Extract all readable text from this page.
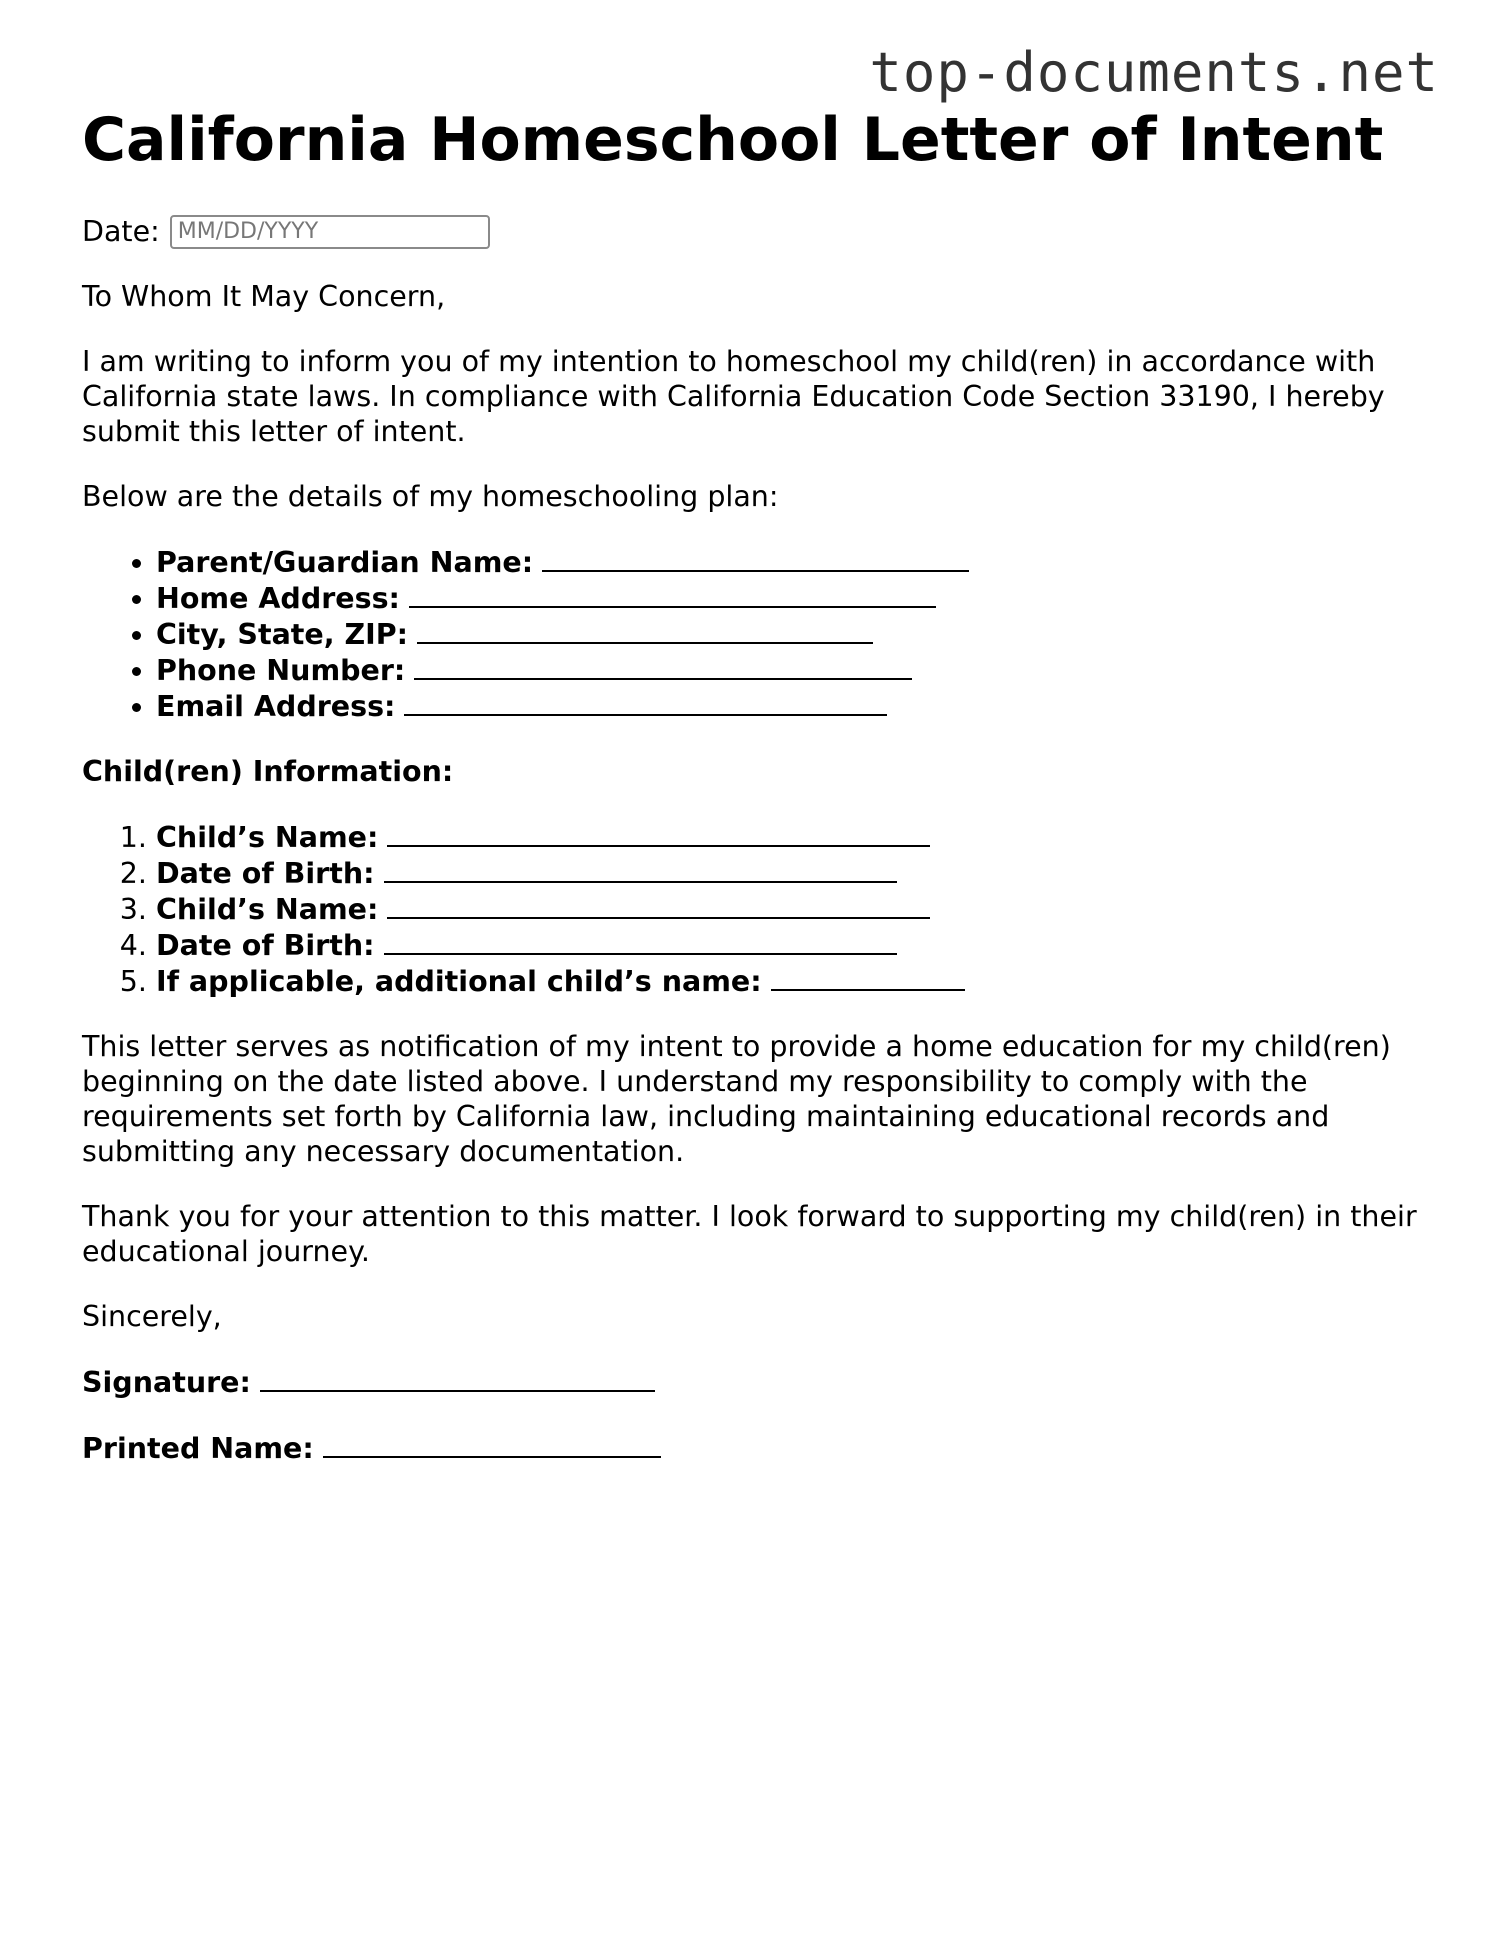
top-documents.net
California Homeschool Letter of Intent
Date:
MM/DD/YYYY

To Whom It May Concern,

I am writing to inform you of my intention to homeschool my child(ren) in accordance with California state laws. In compliance with California Education Code Section 33190, I hereby submit this letter of intent.

Below are the details of my homeschooling plan:

• Parent/Guardian Name:
• Home Address:
• City, State, ZIP:
• Phone Number:
• Email Address:

Child(ren) Information:

1. Child’s Name:
2. Date of Birth:
3. Child’s Name:
4. Date of Birth:
5. If applicable, additional child’s name:

This letter serves as notification of my intent to provide a home education for my child(ren) beginning on the date listed above. I understand my responsibility to comply with the requirements set forth by California law, including maintaining educational records and submitting any necessary documentation.

Thank you for your attention to this matter. I look forward to supporting my child(ren) in their educational journey.

Sincerely,

Signature:
Printed Name:
